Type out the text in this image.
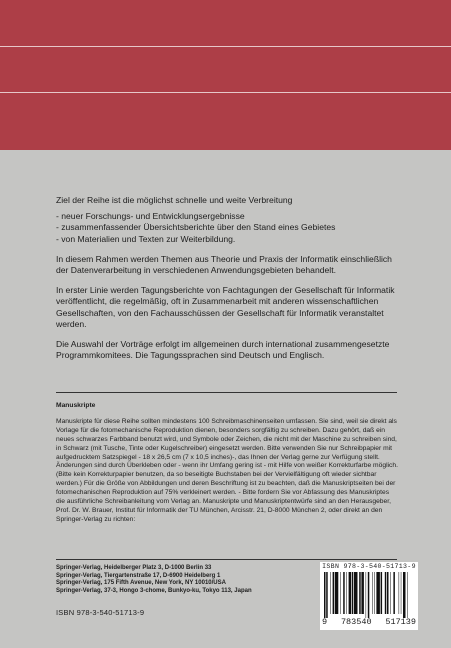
Ziel der Reihe ist die möglichst schnelle und weite Verbreitung

- neuer Forschungs- und Entwicklungsergebnisse
- zusammenfassender Übersichtsberichte über den Stand eines Gebietes
- von Materialien und Texten zur Weiterbildung.

In diesem Rahmen werden Themen aus Theorie und Praxis der Informatik einschließlich der Datenverarbeitung in verschiedenen Anwendungsgebieten behandelt.

In erster Linie werden Tagungsberichte von Fachtagungen der Gesellschaft für Informatik veröffentlicht, die regelmäßig, oft in Zusammenarbeit mit anderen wissenschaftlichen Gesellschaften, von den Fachausschüssen der Gesellschaft für Informatik veranstaltet werden.

Die Auswahl der Vorträge erfolgt im allgemeinen durch international zusammengesetzte Programmkomitees. Die Tagungssprachen sind Deutsch und Englisch.

Manuskripte

Manuskripte für diese Reihe sollten mindestens 100 Schreibmaschinenseiten umfassen. Sie sind, weil sie direkt als Vorlage für die fotomechanische Reproduktion dienen, besonders sorgfältig zu schreiben. Dazu gehört, daß ein neues schwarzes Farbband benutzt wird, und Symbole oder Zeichen, die nicht mit der Maschine zu schreiben sind, in Schwarz (mit Tusche, Tinte oder Kugelschreiber) eingesetzt werden. Bitte verwenden Sie nur Schreibpapier mit aufgedrucktem Satzspiegel - 18 x 26,5 cm (7 x 10,5 inches)-, das Ihnen der Verlag gerne zur Verfügung stellt. Änderungen sind durch Überkleben oder - wenn ihr Umfang gering ist - mit Hilfe von weißer Korrekturfarbe möglich. (Bitte kein Korrekturpapier benutzen, da so beseitigte Buchstaben bei der Vervielfältigung oft wieder sichtbar werden.) Für die Größe von Abbildungen und deren Beschriftung ist zu beachten, daß die Manuskriptseiten bei der fotomechanischen Reproduktion auf 75% verkleinert werden. - Bitte fordern Sie vor Abfassung des Manuskriptes die ausführliche Schreibanleitung vom Verlag an. Manuskripte und Manuskriptentwürfe sind an den Herausgeber, Prof. Dr. W. Brauer, Institut für Informatik der TU München, Arcisstr. 21, D-8000 München 2, oder direkt an den Springer-Verlag zu richten:

Springer-Verlag, Heidelberger Platz 3, D-1000 Berlin 33
Springer-Verlag, Tiergartenstraße 17, D-6900 Heidelberg 1
Springer-Verlag, 175 Fifth Avenue, New York, NY 10010/USA
Springer-Verlag, 37-3, Hongo 3-chome, Bunkyo-ku, Tokyo 113, Japan
ISBN 978-3-540-51713-9
ISBN 978-3-540-51713-9
9 783540 517139
